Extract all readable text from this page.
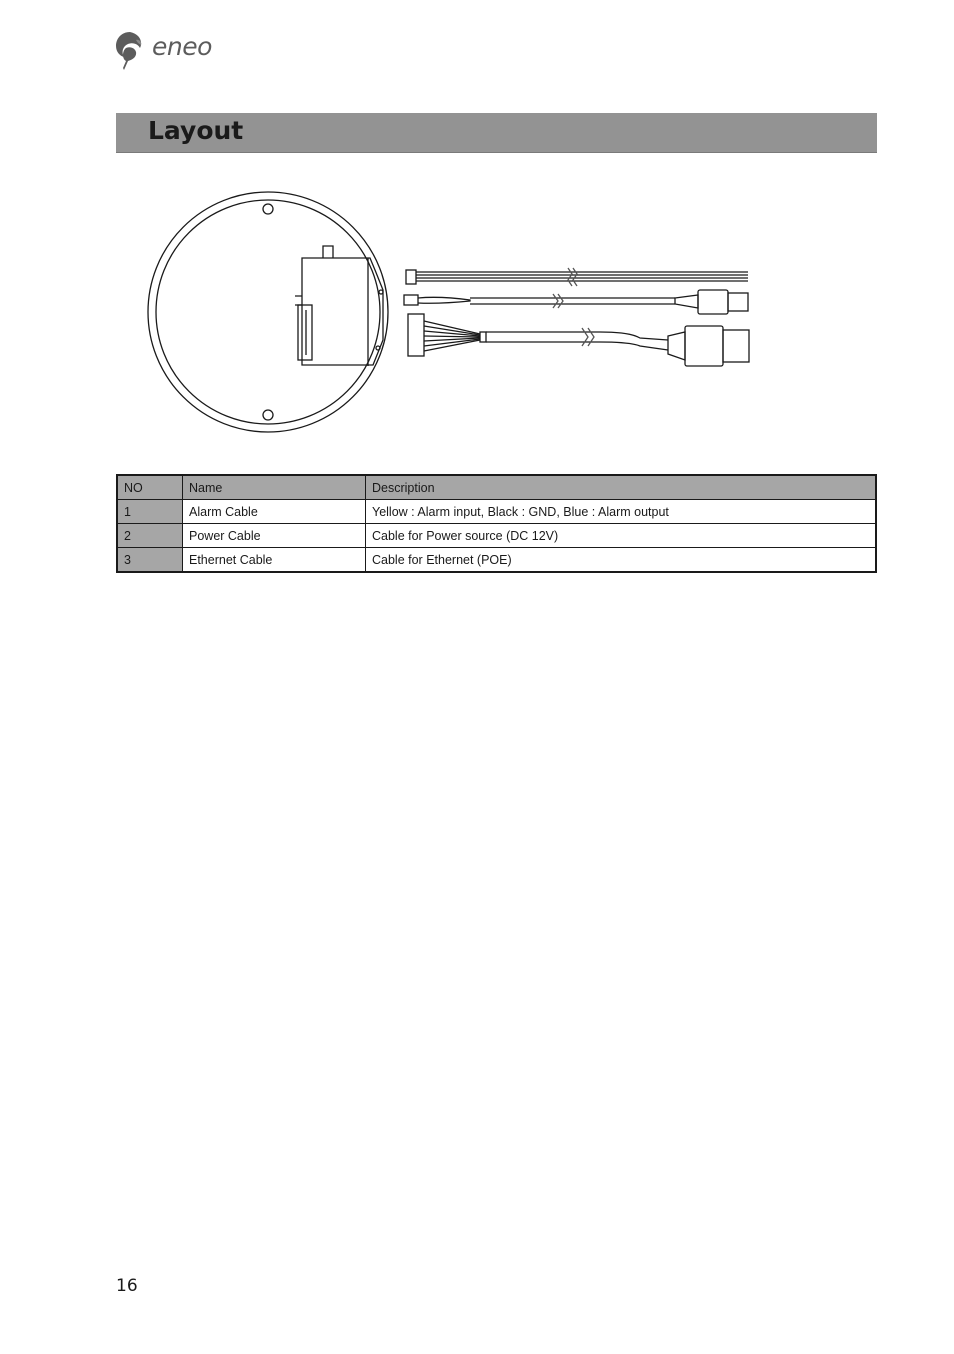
eneo
Layout
NO	Name	Description
1	Alarm Cable	Yellow : Alarm input, Black : GND, Blue : Alarm output
2	Power Cable	Cable for Power source (DC 12V)
3	Ethernet Cable	Cable for Ethernet (POE)
16
